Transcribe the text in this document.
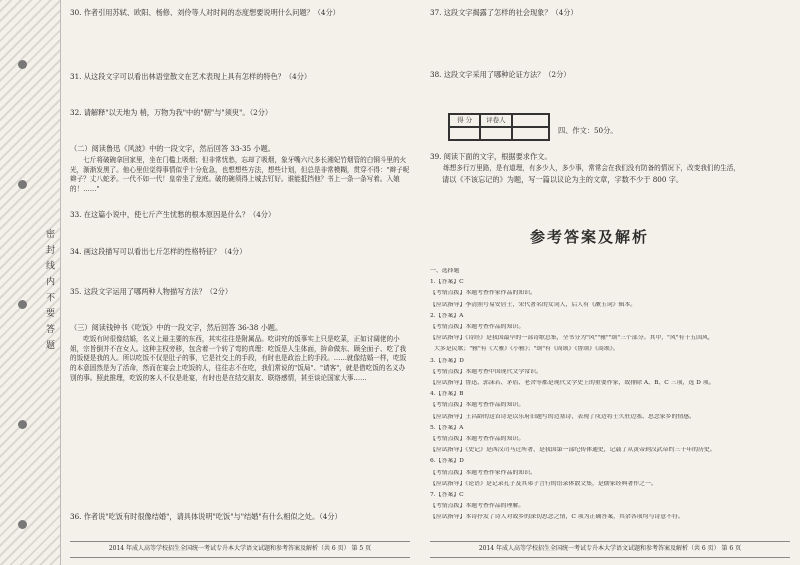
密 封 线 内 不 要 答 题
30. 作者引用苏轼、欧阳、杨修、刘伶等人对时间的态度想要说明什么问题？（4分）
31. 从这段文字可以看出林语堂散文在艺术表现上具有怎样的特色？（4分）
32. 请解释"以天地为 梢，万物为我"中的"朝"与"须臾"。（2分）
（二）阅读鲁迅《风波》中的一段文字，然后回答 33-35 小题。
七斤将破碗拿回家里，坐在门槛上吸烟；但非常忧愁，忘却了吸烟，象牙嘴六尺多长湘妃竹烟管的白铜斗里的火光，渐渐发黑了。他心里但觉得事情似乎十分危急，也想想些方法，想些计划，但总是非常模糊，贯穿不得："辫子呢辫子？丈八蛇矛。一代不如一代！皇帝坐了龙庭。破的碗须得上城去钉好。谁能抵挡他？书上一条一条写着。入娘的！……"
33. 在这篇小说中，使七斤产生忧愁的根本原因是什么？（4分）
34. 画这段描写可以看出七斤怎样的性格特征？（4分）
35. 这段文字运用了哪两种人物描写方法？（2分）
（三）阅读钱钟书《吃饭》中的一段文字，然后回答 36-38 小题。
吃饭有时很像结婚，名义上最主要的东西，其实往往是附属品。吃讲究的饭事实上只是吃菜，正如讨阔佬的小姐，宗旨倒并不在女人。这种主权旁移，包含着一个转了弯的真理：吃饭是人生体面，拚命做东、顾全面子、吃了我的饭便是我的人。所以吃饭不仅是肚子的事，它是社交上的手段，有时也是政治上的手段。……就像结婚一样，吃饭的本意固然是为了活命，然而在宴会上吃饭的人，往往志不在吃，我们常说的"饭局"、"请客"，就是借吃饭的名义办别的事。照此推理，吃饭的客人不仅是赴宴，有时也是在结交朋友、联络感情，甚至谈论国家大事……
36. 作者说"吃饭有时很像结婚"，请具体说明"吃饭"与"结婚"有什么相似之处。（4分）
2014 年成人高等学校招生全国统一考试专升本大学语文试题和参考答案及解析（共 6 页） 第 5 页
37. 这段文字揭露了怎样的社会现象？（4分）
38. 这段文字采用了哪种论证方法？（2分）
得 分	评卷人
四、作文：50分。
39. 阅读下面的文字，根据要求作文。
练想多行万里路，是有道理，有多少人，多少事，常常会在我们没有防备的情况下，改变我们的生活，
请以《不该忘记的》为题，写一篇以议论为主的文章，字数不少于 800 字。
参考答案及解析
一、选择题
1.【答案】C
【考情点拨】本题考查作家作品的知识。
【应试指导】李清照号易安居士，宋代著名的女词人，后人有《漱玉词》辑本。
2.【答案】A
【考情点拨】本题考查作品的知识。
【应试指导】《诗经》是我国最早的一部诗歌总集，全书分为"风""雅""颂"三个部分。其中，"风"有十五国风，
大多是民歌；"雅"有《大雅》《小雅》；"颂"有《周颂》《鲁颂》《商颂》。
3.【答案】D
【考情点拨】本题考查中国现代文学常识。
【应试指导】鲁迅、郭沫若、茅盾、老舍等都是现代文学史上的重要作家，故排除 A、B、C 三项，选 D 项。
4.【答案】B
【考情点拨】本题考查作品的知识。
【应试指导】王昌龄的这首诗是以乐府旧题写的边塞诗，表现了戍边将士久驻边塞、思念家乡的情感。
5.【答案】A
【考情点拨】本题考查作品的知识。
【应试指导】《史记》是西汉司马迁所著，是我国第一部纪传体通史，记载了从黄帝到汉武帝约三千年的历史。
6.【答案】D
【考情点拨】本题考查作家作品的知识。
【应试指导】《论语》是记录孔子及其弟子言行的语录体散文集，是儒家经典著作之一。
7.【答案】C
【考情点拨】本题考查作品的理解。
【应试指导】本诗抒发了诗人对故乡的深切思念之情，C 项为正确答案，其余各项均与诗意不符。
2014 年成人高等学校招生全国统一考试专升本大学语文试题和参考答案及解析（共 6 页） 第 6 页
